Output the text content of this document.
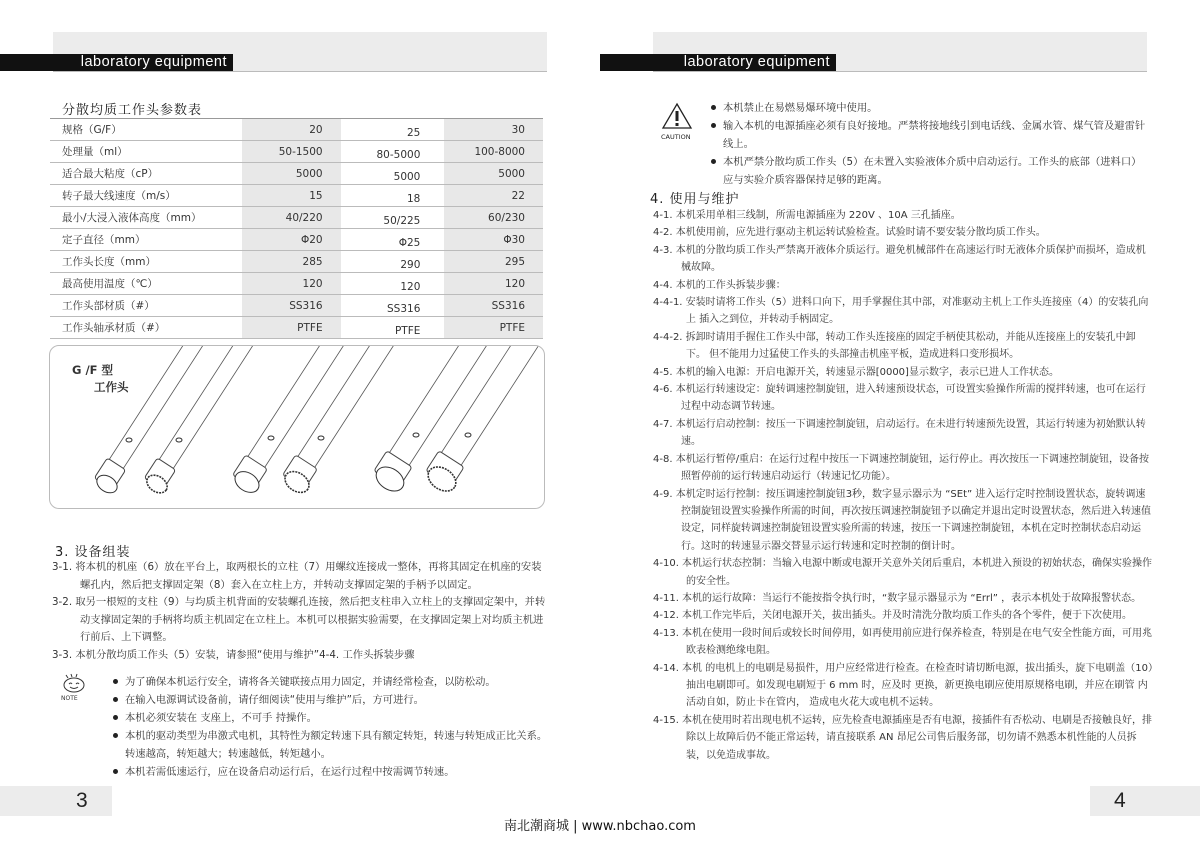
laboratory equipment	laboratory equipment
分散均质工作头参数表
规格（G/F）	20	25	30
处理量（ml）	50-1500	80-5000	100-8000
适合最大粘度（cP）	5000	5000	5000
转子最大线速度（m/s）	15	18	22
最小/大浸入液体高度（mm）	40/220	50/225	60/230
定子直径（mm）	Φ20	Φ25	Φ30
工作头长度（mm）	285	290	295
最高使用温度（℃）	120	120	120
工作头部材质（#）	SS316	SS316	SS316
工作头轴承材质（#）	PTFE	PTFE	PTFE
G /F 型
工作头
3. 设备组装
3-1. 将本机的机座（6）放在平台上，取两根长的立柱（7）用螺纹连接成一整体，再将其固定在机座的安装螺孔内，然后把支撑固定架（8）套入在立柱上方，并转动支撑固定架的手柄予以固定。
3-2. 取另一根短的支柱（9）与均质主机背面的安装螺孔连接，然后把支柱串入立柱上的支撑固定架中，并转动支撑固定架的手柄将均质主机固定在立柱上。本机可以根据实验需要，在支撑固定架上对均质主机进行前后、上下调整。
3-3. 本机分散均质工作头（5）安装，请参照“使用与维护”4-4. 工作头拆装步骤
NOTE
为了确保本机运行安全，请将各关键联接点用力固定，并请经常检查，以防松动。
在输入电源调试设备前，请仔细阅读“使用与维护”后，方可进行。
本机必须安装在 支座上，不可手 持操作。
本机的驱动类型为串激式电机，其特性为额定转速下具有额定转矩，转速与转矩成正比关系。转速越高，转矩越大；转速越低，转矩越小。
本机若需低速运行，应在设备启动运行后，在运行过程中按需调节转速。
CAUTION
本机禁止在易燃易爆环境中使用。
输入本机的电源插座必须有良好接地。严禁将接地线引到电话线、金属水管、煤气管及避雷针线上。
本机严禁分散均质工作头（5）在未置入实验液体介质中启动运行。工作头的底部（进料口）应与实验介质容器保持足够的距离。
4. 使用与维护
4-1. 本机采用单相三线制，所需电源插座为 220V 、10A 三孔插座。
4-2. 本机使用前，应先进行驱动主机运转试验检查。试验时请不要安装分散均质工作头。
4-3. 本机的分散均质工作头严禁离开液体介质运行。避免机械部件在高速运行时无液体介质保护而损坏，造成机械故障。
4-4. 本机的工作头拆装步骤：
4-4-1. 安装时请将工作头（5）进料口向下，用手掌握住其中部，对准驱动主机上工作头连接座（4）的安装孔向上 插入之到位，并转动手柄固定。
4-4-2. 拆卸时请用手握住工作头中部，转动工作头连接座的固定手柄使其松动，并能从连接座上的安装孔中卸下。 但不能用力过猛使工作头的头部撞击机座平板，造成进料口变形损坏。
4-5. 本机的输入电源：开启电源开关，转速显示器[0000]显示数字，表示已进人工作状态。
4-6. 本机运行转速设定：旋转调速控制旋钮，进入转速预设状态，可设置实验操作所需的搅拌转速，也可在运行过程中动态调节转速。
4-7. 本机运行启动控制：按压一下调速控制旋钮，启动运行。在未进行转速预先设置，其运行转速为初始默认转速。
4-8. 本机运行暂停/重启：在运行过程中按压一下调速控制旋钮，运行停止。再次按压一下调速控制旋钮，设备按照暂停前的运行转速启动运行（转速记忆功能）。
4-9. 本机定时运行控制：按压调速控制旋钮3秒，数字显示器示为 “SEt” 进入运行定时控制设置状态，旋转调速控制旋钮设置实验操作所需的时间，再次按压调速控制旋钮予以确定并退出定时设置状态，然后进入转速值设定，同样旋转调速控制旋钮设置实验所需的转速，按压一下调速控制旋钮，本机在定时控制状态启动运行。这时的转速显示器交替显示运行转速和定时控制的倒计时。
4-10. 本机运行状态控制：当输入电源中断或电源开关意外关闭后重启，本机进入预设的初始状态，确保实验操作的安全性。
4-11. 本机的运行故障：当运行不能按指令执行时，“数字显示器显示为 “Errl” ，表示本机处于故障报警状态。
4-12. 本机工作完毕后，关闭电源开关，拔出插头。并及时清洗分散均质工作头的各个零件，便于下次使用。
4-13. 本机在使用一段时间后或较长时间停用，如再使用前应进行保养检查，特别是在电气安全性能方面，可用兆欧表检测绝缘电阻。
4-14. 本机 的电机上的电刷是易损件，用户应经常进行检查。在检查时请切断电源，拔出插头，旋下电刷盖（10）抽出电刷即可。如发现电刷短于 6 mm 时，应及时 更换，新更换电刷应使用原规格电刷，并应在刷管 内活动自如，防止卡在管内， 造成电火花大或电机不运转。
4-15. 本机在使用时若出现电机不运转，应先检查电源插座是否有电源，接插件有否松动、电刷是否接触良好，排除以上故障后仍不能正常运转，请直接联系 AN 昂尼公司售后服务部，切勿请不熟悉本机性能的人员拆装，以免造成事故。
3	4
南北潮商城 | www.nbchao.com
